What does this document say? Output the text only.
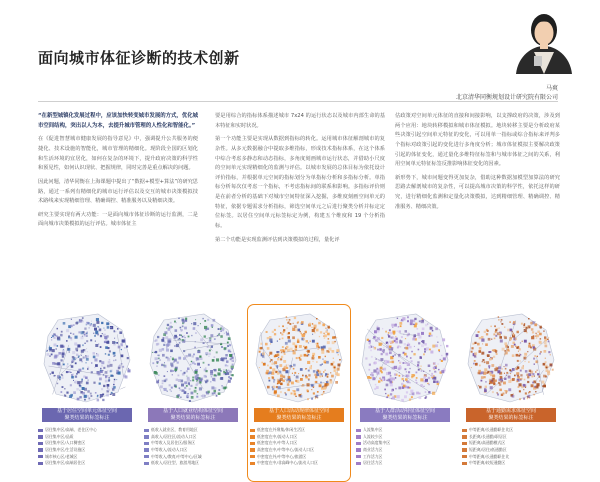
面向城市体征诊断的技术创新
马爽
北京清华同衡规划设计研究院有限公司

“在新型城镇化发展过程中，应该加快转变城市发展的方式，优化城市空间结构，突出以人为本，去提升城市管理的人性化和智能化。”

在《促进智慧城市健康发展的指导意见》中，强调提升公共服务的便捷化、技术设施的智能化，城市管理的精细化。现阶段全国的区划化和生活环境的宜居化，如何在复杂的环境下，提升政府决策的科学性和预见性，如何认识现状、把握规律，同时完善是重点解决的问题。

因此问题，清华同衡在上海课题中提出了“数据+模型+算法”的研究思路，通过一系列有精细化的城市运行评估以及交互的城市决策模拟技术路线来实现精细管理、精确调控、精准服务以及精细决策。

研究主要实现有两大功能：一是面向城市体征诊断的运行监测，二是面向城市决策模拟的运行评估。城市体征主

要是用综合的指标体系描述城市 7x24 的运行状态以及城市内部生命的基本特征和实时状况。

第一个功能主要是实现从数据到指标的转化。运用城市体征解剖城市的复杂性。从多元数据融合中提取多维指标，形成技术指标体系，在这个体系中综合考虑多静态和动态指标，多角度刻画城市运行状态，并借助小尺度的空间单元实现精细化的监测与评估。以城市发展的总体目标为依托设计评价指标，并根据单元空间的指标划分为单指标分析和多指标分析。单指标分析每次仅考虑一个指标，不考虑指标间的联系和影响。多指标评价则是在前者分析的基础下对城市空间特征深入挖掘，多维度刻画空间单元的特征，依据专题需求分析指标，筛选空间单元之后进行聚类分析并标定定位标签。以居住空间单元标签标定为例，构建五个维度和 19 个分析指标。

第二个功能是实现监测评估到决策模拟的过程，量化评

估政策对空间单元体征的直接和间接影响，以支撑政府的决策，涉及到两个应用：地块转移模拟和城市体征模拟。地块转移主要是分析政府某些决策引起空间单元特征的变化，可以用单一指标或综合指标来评判多个指标对政策引起的变化进行多角度分析；城市体征模拟主要解决政策引起的体征变化，通过量化多维特征标签和与城市体征之间的关系，利用空间单元特征标签反推影响体征变化的因素。

新形势下，城市问题变得更加复杂，借助这种数据加模型加算法的研究思路去解剖城市的复杂性，可以提高城市决策的科学性，依托这样的研究，进行精细化监测和定量化决策模拟，达到精细管理、精确调控、精准服务、精细决策。

基于居住空间单元体征空间
聚类结果的标签标注
居住集中区/高端、老住区中心
居住集中区/品质
居住集中区/人口稠密区
居住集中区/生活设施区
城市核心区/老城区
居住集中区/高端居住区
基于人口就业结构体征空间
聚类结果的标签标注
低收入就业区，教育用地区
高收入/居住区/流动人口区
中等收入及居住区/服务区
中等收入/流动人口区
中等收入/教育/中等中心/区域
低收入/居住型，旅游用地区
基于人口活动规律体征空间
聚类结果的标签标注
低密度在外聚集/休闲生活区
低密度在中/流动人口区
低密度在中/中等人口区
高密度在中/中等中心/流动人口区
中密度在外/中等中心/旅游区
中密度在中/非高峰中心/流动人口区
基于人群活动特征体征空间
聚类结果的标签标注
人流集中区
人流较少区
活动高度集中区
商业活力区
工作活力区
居住活力区
基于通勤需求体征空间
聚类结果的标签标注
中等距离/长通勤职住比区
长距离/长通勤/职居区
短距离/高通勤模式区
短距离/居住/低通勤区
中等距离/长通勤职住比
中等距离/较短通勤区
